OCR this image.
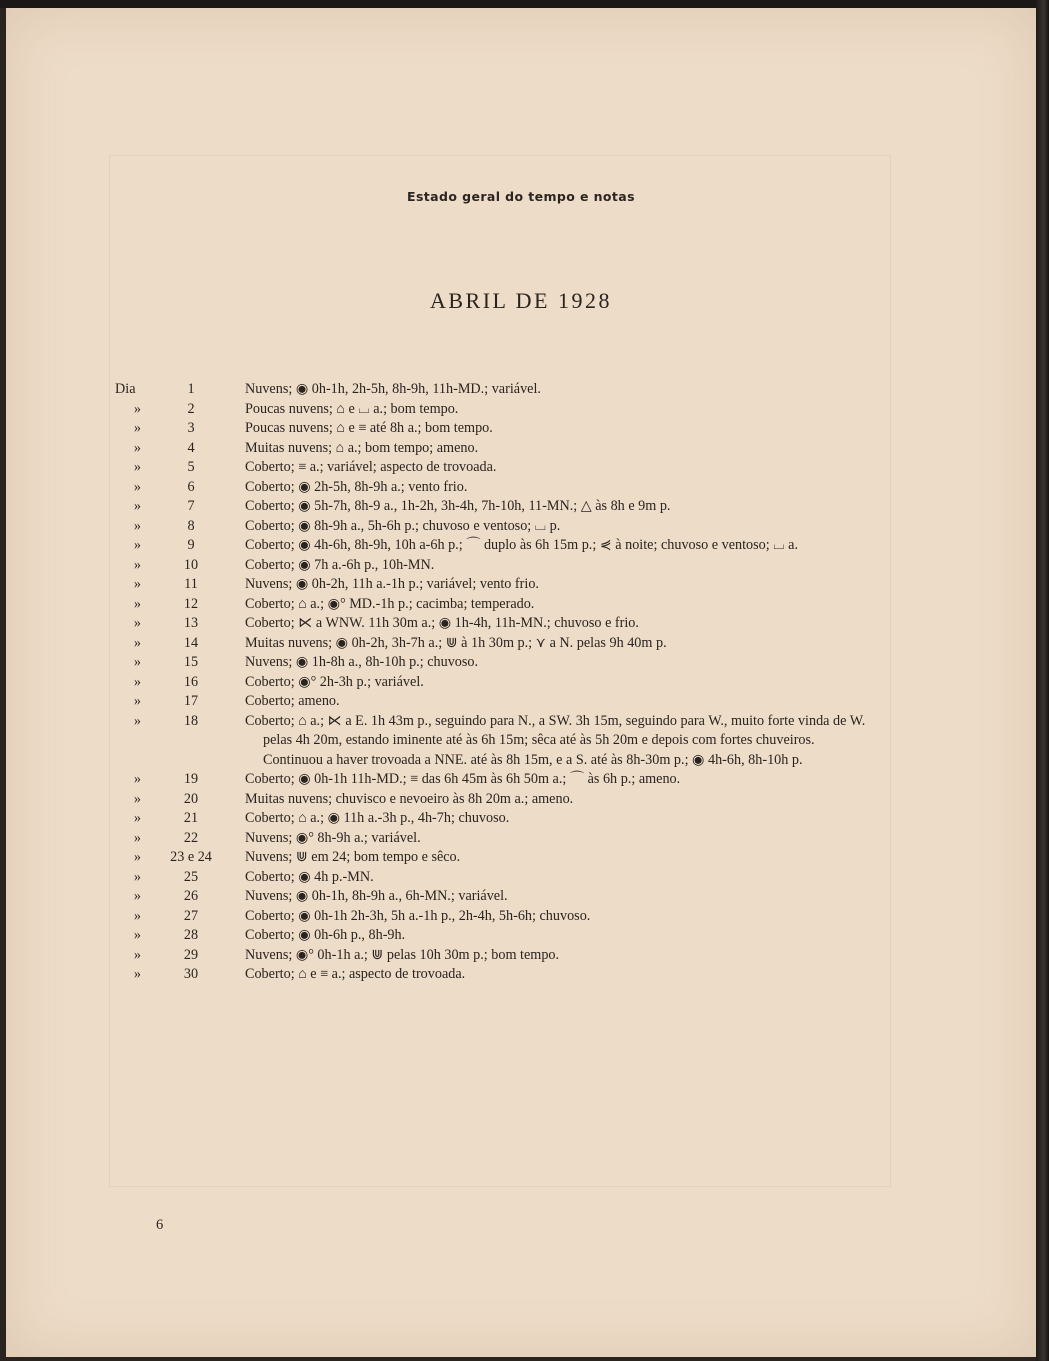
Estado geral do tempo e notas
ABRIL DE 1928
Dia	1	Nuvens; ◉ 0h-1h, 2h-5h, 8h-9h, 11h-MD.; variável.
»	2	Poucas nuvens; ⌂ e ⌴ a.; bom tempo.
»	3	Poucas nuvens; ⌂ e ≡ até 8h a.; bom tempo.
»	4	Muitas nuvens; ⌂ a.; bom tempo; ameno.
»	5	Coberto; ≡ a.; variável; aspecto de trovoada.
»	6	Coberto; ◉ 2h-5h, 8h-9h a.; vento frio.
»	7	Coberto; ◉ 5h-7h, 8h-9 a., 1h-2h, 3h-4h, 7h-10h, 11-MN.; △ às 8h e 9m p.
»	8	Coberto; ◉ 8h-9h a., 5h-6h p.; chuvoso e ventoso; ⌴ p.
»	9	Coberto; ◉ 4h-6h, 8h-9h, 10h a-6h p.; ⌒ duplo às 6h 15m p.; ⋞ à noite; chuvoso e ventoso; ⌴ a.
»	10	Coberto; ◉ 7h a.-6h p., 10h-MN.
»	11	Nuvens; ◉ 0h-2h, 11h a.-1h p.; variável; vento frio.
»	12	Coberto; ⌂ a.; ◉° MD.-1h p.; cacimba; temperado.
»	13	Coberto; ⋉ a WNW. 11h 30m a.; ◉ 1h-4h, 11h-MN.; chuvoso e frio.
»	14	Muitas nuvens; ◉ 0h-2h, 3h-7h a.; ⋓ à 1h 30m p.; ⋎ a N. pelas 9h 40m p.
»	15	Nuvens; ◉ 1h-8h a., 8h-10h p.; chuvoso.
»	16	Coberto; ◉° 2h-3h p.; variável.
»	17	Coberto; ameno.
»	18	Coberto; ⌂ a.; ⋉ a E. 1h 43m p., seguindo para N., a SW. 3h 15m, seguindo para W., muito forte vinda de W. pelas 4h 20m, estando iminente até às 6h 15m; sêca até às 5h 20m e depois com fortes chuveiros. Continuou a haver trovoada a NNE. até às 8h 15m, e a S. até às 8h-30m p.; ◉ 4h-6h, 8h-10h p.
»	19	Coberto; ◉ 0h-1h 11h-MD.; ≡ das 6h 45m às 6h 50m a.; ⌒ às 6h p.; ameno.
»	20	Muitas nuvens; chuvisco e nevoeiro às 8h 20m a.; ameno.
»	21	Coberto; ⌂ a.; ◉ 11h a.-3h p., 4h-7h; chuvoso.
»	22	Nuvens; ◉° 8h-9h a.; variável.
»	23 e 24	Nuvens; ⋓ em 24; bom tempo e sêco.
»	25	Coberto; ◉ 4h p.-MN.
»	26	Nuvens; ◉ 0h-1h, 8h-9h a., 6h-MN.; variável.
»	27	Coberto; ◉ 0h-1h 2h-3h, 5h a.-1h p., 2h-4h, 5h-6h; chuvoso.
»	28	Coberto; ◉ 0h-6h p., 8h-9h.
»	29	Nuvens; ◉° 0h-1h a.; ⋓ pelas 10h 30m p.; bom tempo.
»	30	Coberto; ⌂ e ≡ a.; aspecto de trovoada.
6
